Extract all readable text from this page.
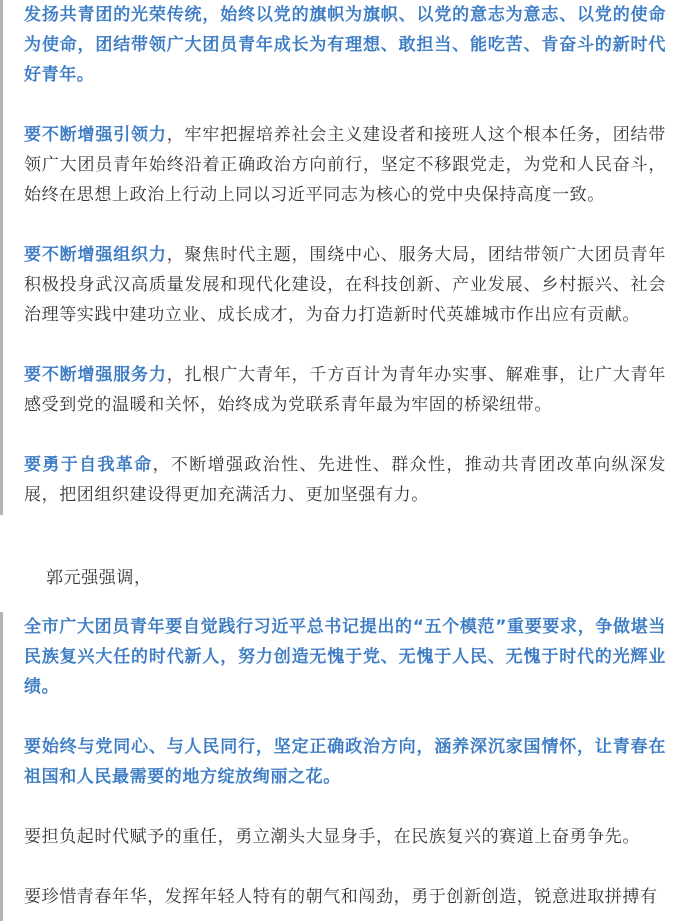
发扬共青团的光荣传统，始终以党的旗帜为旗帜、以党的意志为意志、以党的使命为使命，团结带领广大团员青年成长为有理想、敢担当、能吃苦、肯奋斗的新时代好青年。

要不断增强引领力，牢牢把握培养社会主义建设者和接班人这个根本任务，团结带领广大团员青年始终沿着正确政治方向前行，坚定不移跟党走，为党和人民奋斗，始终在思想上政治上行动上同以习近平同志为核心的党中央保持高度一致。

要不断增强组织力，聚焦时代主题，围绕中心、服务大局，团结带领广大团员青年积极投身武汉高质量发展和现代化建设，在科技创新、产业发展、乡村振兴、社会治理等实践中建功立业、成长成才，为奋力打造新时代英雄城市作出应有贡献。

要不断增强服务力，扎根广大青年，千方百计为青年办实事、解难事，让广大青年感受到党的温暖和关怀，始终成为党联系青年最为牢固的桥梁纽带。

要勇于自我革命，不断增强政治性、先进性、群众性，推动共青团改革向纵深发展，把团组织建设得更加充满活力、更加坚强有力。

郭元强强调，

全市广大团员青年要自觉践行习近平总书记提出的“五个模范”重要要求，争做堪当民族复兴大任的时代新人，努力创造无愧于党、无愧于人民、无愧于时代的光辉业绩。

要始终与党同心、与人民同行，坚定正确政治方向，涵养深沉家国情怀，让青春在祖国和人民最需要的地方绽放绚丽之花。

要担负起时代赋予的重任，勇立潮头大显身手，在民族复兴的赛道上奋勇争先。

要珍惜青春年华，发挥年轻人特有的朝气和闯劲，勇于创新创造，锐意进取拼搏有
